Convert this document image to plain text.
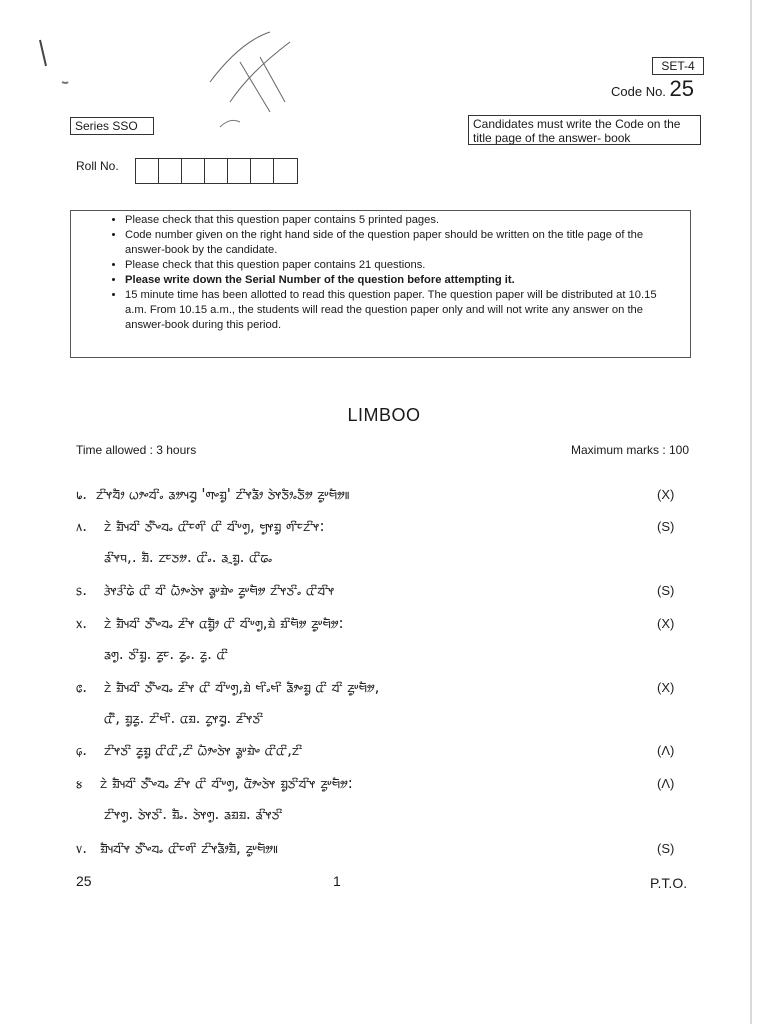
SET-4
Code No. 25
Series SSO	Candidates must write the Code on the title page of the answer- book
Roll No.
• Please check that this question paper contains 5 printed pages.
• Code number given on the right hand side of the question paper should be written on the title page of the answer-book by the candidate.
• Please check that this question paper contains 21 questions.
• Please write down the Serial Number of the question before attempting it.
• 15 minute time has been allotted to read this question paper. The question paper will be distributed at 10.15 a.m. From 10.15 a.m., the students will read the question paper only and will not write any answer on the answer-book during this period.
LIMBOO
Time allowed : 3 hours	Maximum marks : 100
᥇. ᤁᤡᤶᤔᤥ ᤐᤣᤴᤔᤡᤱ ᤕᤤᤵᤔᤢ 'ᤛᤴᤀᤢ' ᤁᤡᤶᤕᤥ ᤍᤧᤶᤍᤥᤱᤍᤦ ᤏᤢᤸᤗᤦ॥	(X)
᥈. ᤁᤧ ᤀᤠᤵᤔᤡ ᤍᤡᤧᤴᤔᤱ ᤂᤡᤰᤛᤡ ᤂᤡ ᤔᤡᤸᤛᤢ, ᤗᤢᤶᤀᤢ ᤛᤡᤰᤁᤡᤶ:	(S)
ᤕᤡᤶᤄ,. ᤀᤠ. ᤁᤰᤍᤤ. ᤂᤡᤱ. ᤕᤳᤀᤢ. ᤂᤡᤒᤱ
᥉. ᤋᤧᤶᤋᤡᤒᤧ ᤂᤡ ᤔᤡ ᤐᤥᤴᤍᤧᤶ ᤕᤢᤸᤀᤧᤴ ᤏᤢᤸᤗᤦ ᤁᤡᤶᤍᤡᤱ ᤂᤡᤔᤡᤶ	(S)
᥊. ᤁᤧ ᤀᤠᤵᤔᤡ ᤍᤡᤧᤴᤔᤱ ᤏᤡᤶ ᤂᤀᤢᤥ ᤂᤡ ᤔᤡᤸᤛᤢ,ᤀᤧ ᤀᤡᤗᤦ ᤏᤢᤸᤗᤦ:	(X)
ᤕᤛᤢ. ᤍᤡᤀᤢ. ᤏᤢᤰ. ᤏᤢᤱ. ᤏᤢ. ᤂᤡ
᥋. ᤁᤧ ᤀᤠᤵᤔᤡ ᤍᤡᤧᤴᤔᤱ ᤏᤡᤶ ᤂᤡ ᤔᤡᤸᤛᤢ,ᤀᤧ ᤗᤡᤱᤗᤡ ᤕᤥᤴᤀᤢ ᤂᤡ ᤔᤡ ᤏᤢᤸᤗᤦ,	(X)
ᤂᤡᤧ, ᤀᤢᤏᤢ. ᤁᤡᤗᤡ. ᤂᤀ. ᤁᤢᤶᤔᤢ. ᤏᤡᤶᤍᤡ
᥌. ᤁᤡᤶᤍᤡ ᤏᤢᤀᤢ ᤂᤡᤂᤡ,ᤁᤡ ᤐᤥᤴᤍᤧᤶ ᤕᤢᤸᤀᤧᤴ ᤂᤡᤂᤡ,ᤁᤡ	(Λ)
᥍ ᤁᤧ ᤀᤠᤵᤔᤡ ᤍᤡᤧᤴᤔᤱ ᤏᤡᤶ ᤂᤡ ᤔᤡᤸᤛᤢ, ᤂᤥᤴᤍᤧᤶ ᤀᤢᤍᤡᤔᤡᤶ ᤏᤢᤸᤗᤦ:	(Λ)
ᤁᤡᤶᤛᤢ. ᤍᤧᤶᤍᤡ. ᤀᤠᤱ. ᤍᤧᤶᤛᤢ. ᤕᤀᤀ. ᤕᤡᤶᤍᤡ
᥎. ᤀᤠᤵᤔᤡᤶ ᤍᤡᤧᤴᤔᤱ ᤂᤡᤰᤛᤡ ᤁᤡᤶᤕᤥᤀᤠ, ᤏᤢᤸᤗᤦ॥	(S)
25	1	P.T.O.
